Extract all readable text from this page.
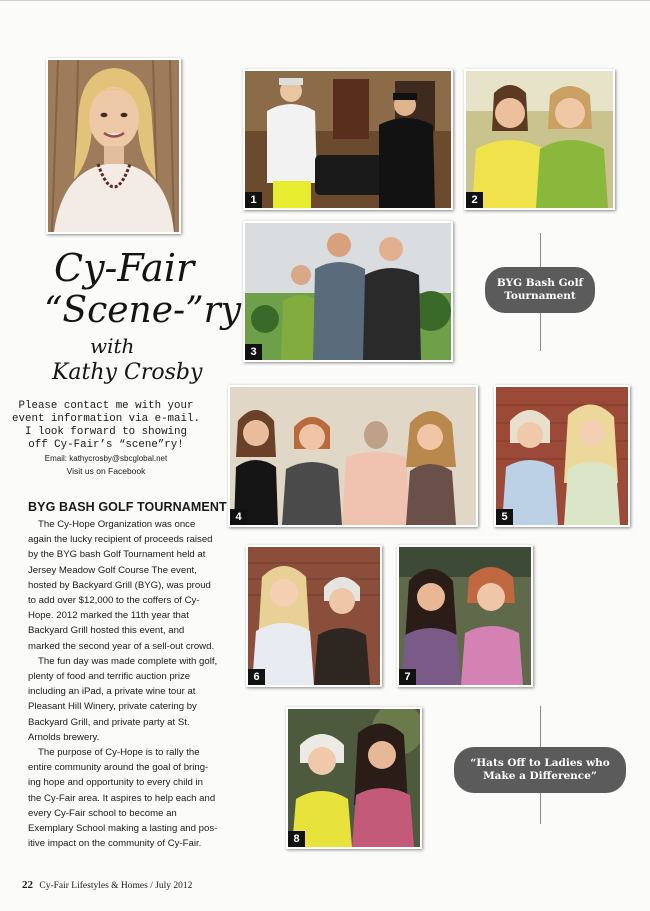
Cy-Fair
“Scene-”ry
with
Kathy Crosby
Please contact me with your
event information via e-mail.
I look forward to showing
off Cy-Fair’s “scene”ry!
Email: kathycrosby@sbcglobal.net
Visit us on Facebook
BYG BASH GOLF TOURNAMENT
The Cy-Hope Organization was once
again the lucky recipient of proceeds raised
by the BYG bash Golf Tournament held at
Jersey Meadow Golf Course The event,
hosted by Backyard Grill (BYG), was proud
to add over $12,000 to the coffers of Cy-
Hope. 2012 marked the 11th year that
Backyard Grill hosted this event, and
marked the second year of a sell-out crowd.
The fun day was made complete with golf,
plenty of food and terrific auction prize
including an iPad, a private wine tour at
Pleasant Hill Winery, private catering by
Backyard Grill, and private party at St.
Arnolds brewery.
The purpose of Cy-Hope is to rally the
entire community around the goal of bring-
ing hope and opportunity to every child in
the Cy-Fair area. It aspires to help each and
every Cy-Fair school to become an
Exemplary School making a lasting and pos-
itive impact on the community of Cy-Fair.
1	2
3
4	5
6	7
8
BYG Bash Golf Tournament
“Hats Off to Ladies who Make a Difference”
22 Cy-Fair Lifestyles & Homes / July 2012
